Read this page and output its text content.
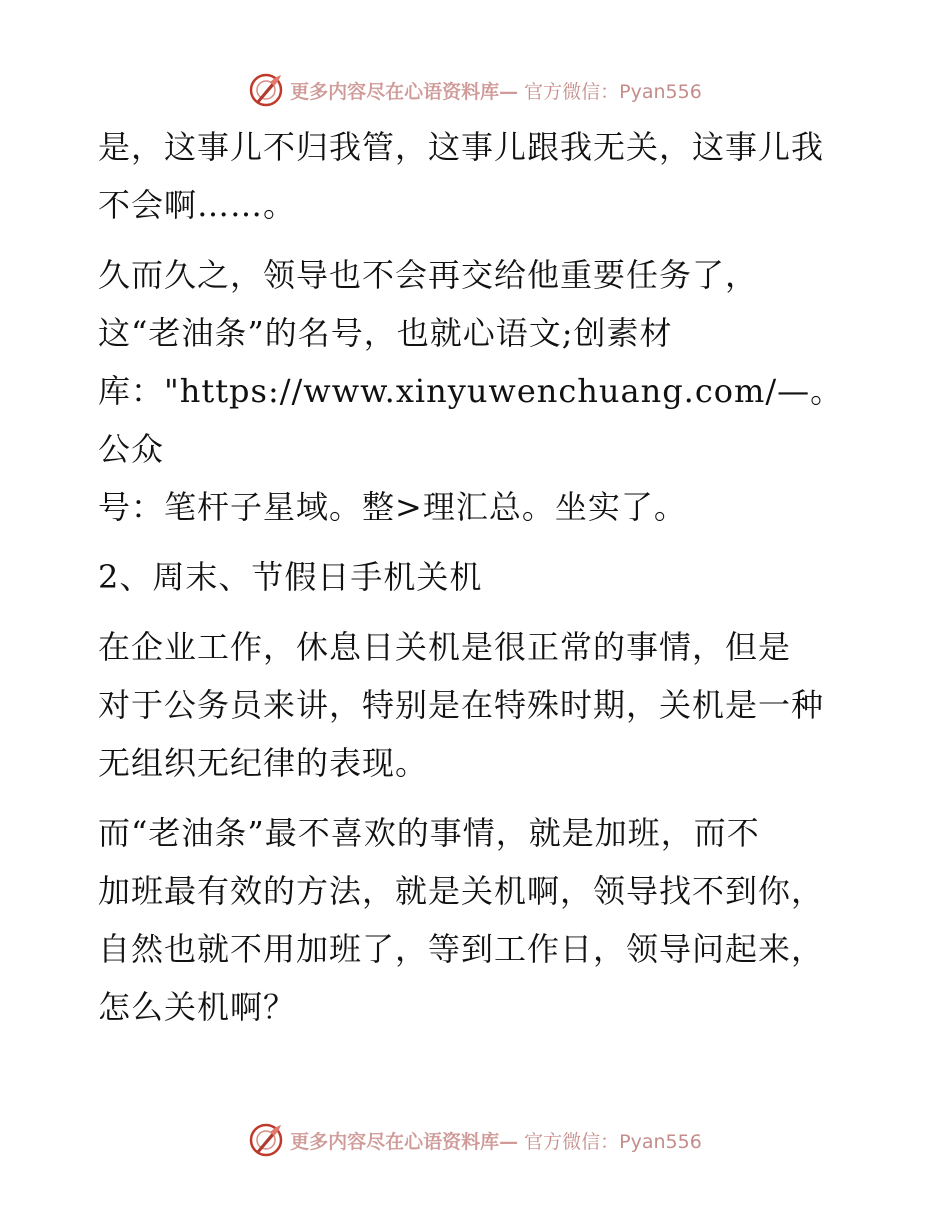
更多内容尽在心语资料库— 官方微信：Pyan556

是，这事儿不归我管，这事儿跟我无关，这事儿我
不会啊……。

久而久之，领导也不会再交给他重要任务了，
这“老油条”的名号，也就心语文;创素材
库："https://www.xinyuwenchuang.com/—。公众
号：笔杆子星域。整>理汇总。坐实了。

2、周末、节假日手机关机

在企业工作，休息日关机是很正常的事情，但是
对于公务员来讲，特别是在特殊时期，关机是一种
无组织无纪律的表现。

而“老油条”最不喜欢的事情，就是加班，而不
加班最有效的方法，就是关机啊，领导找不到你，
自然也就不用加班了，等到工作日，领导问起来，
怎么关机啊？

更多内容尽在心语资料库— 官方微信：Pyan556
